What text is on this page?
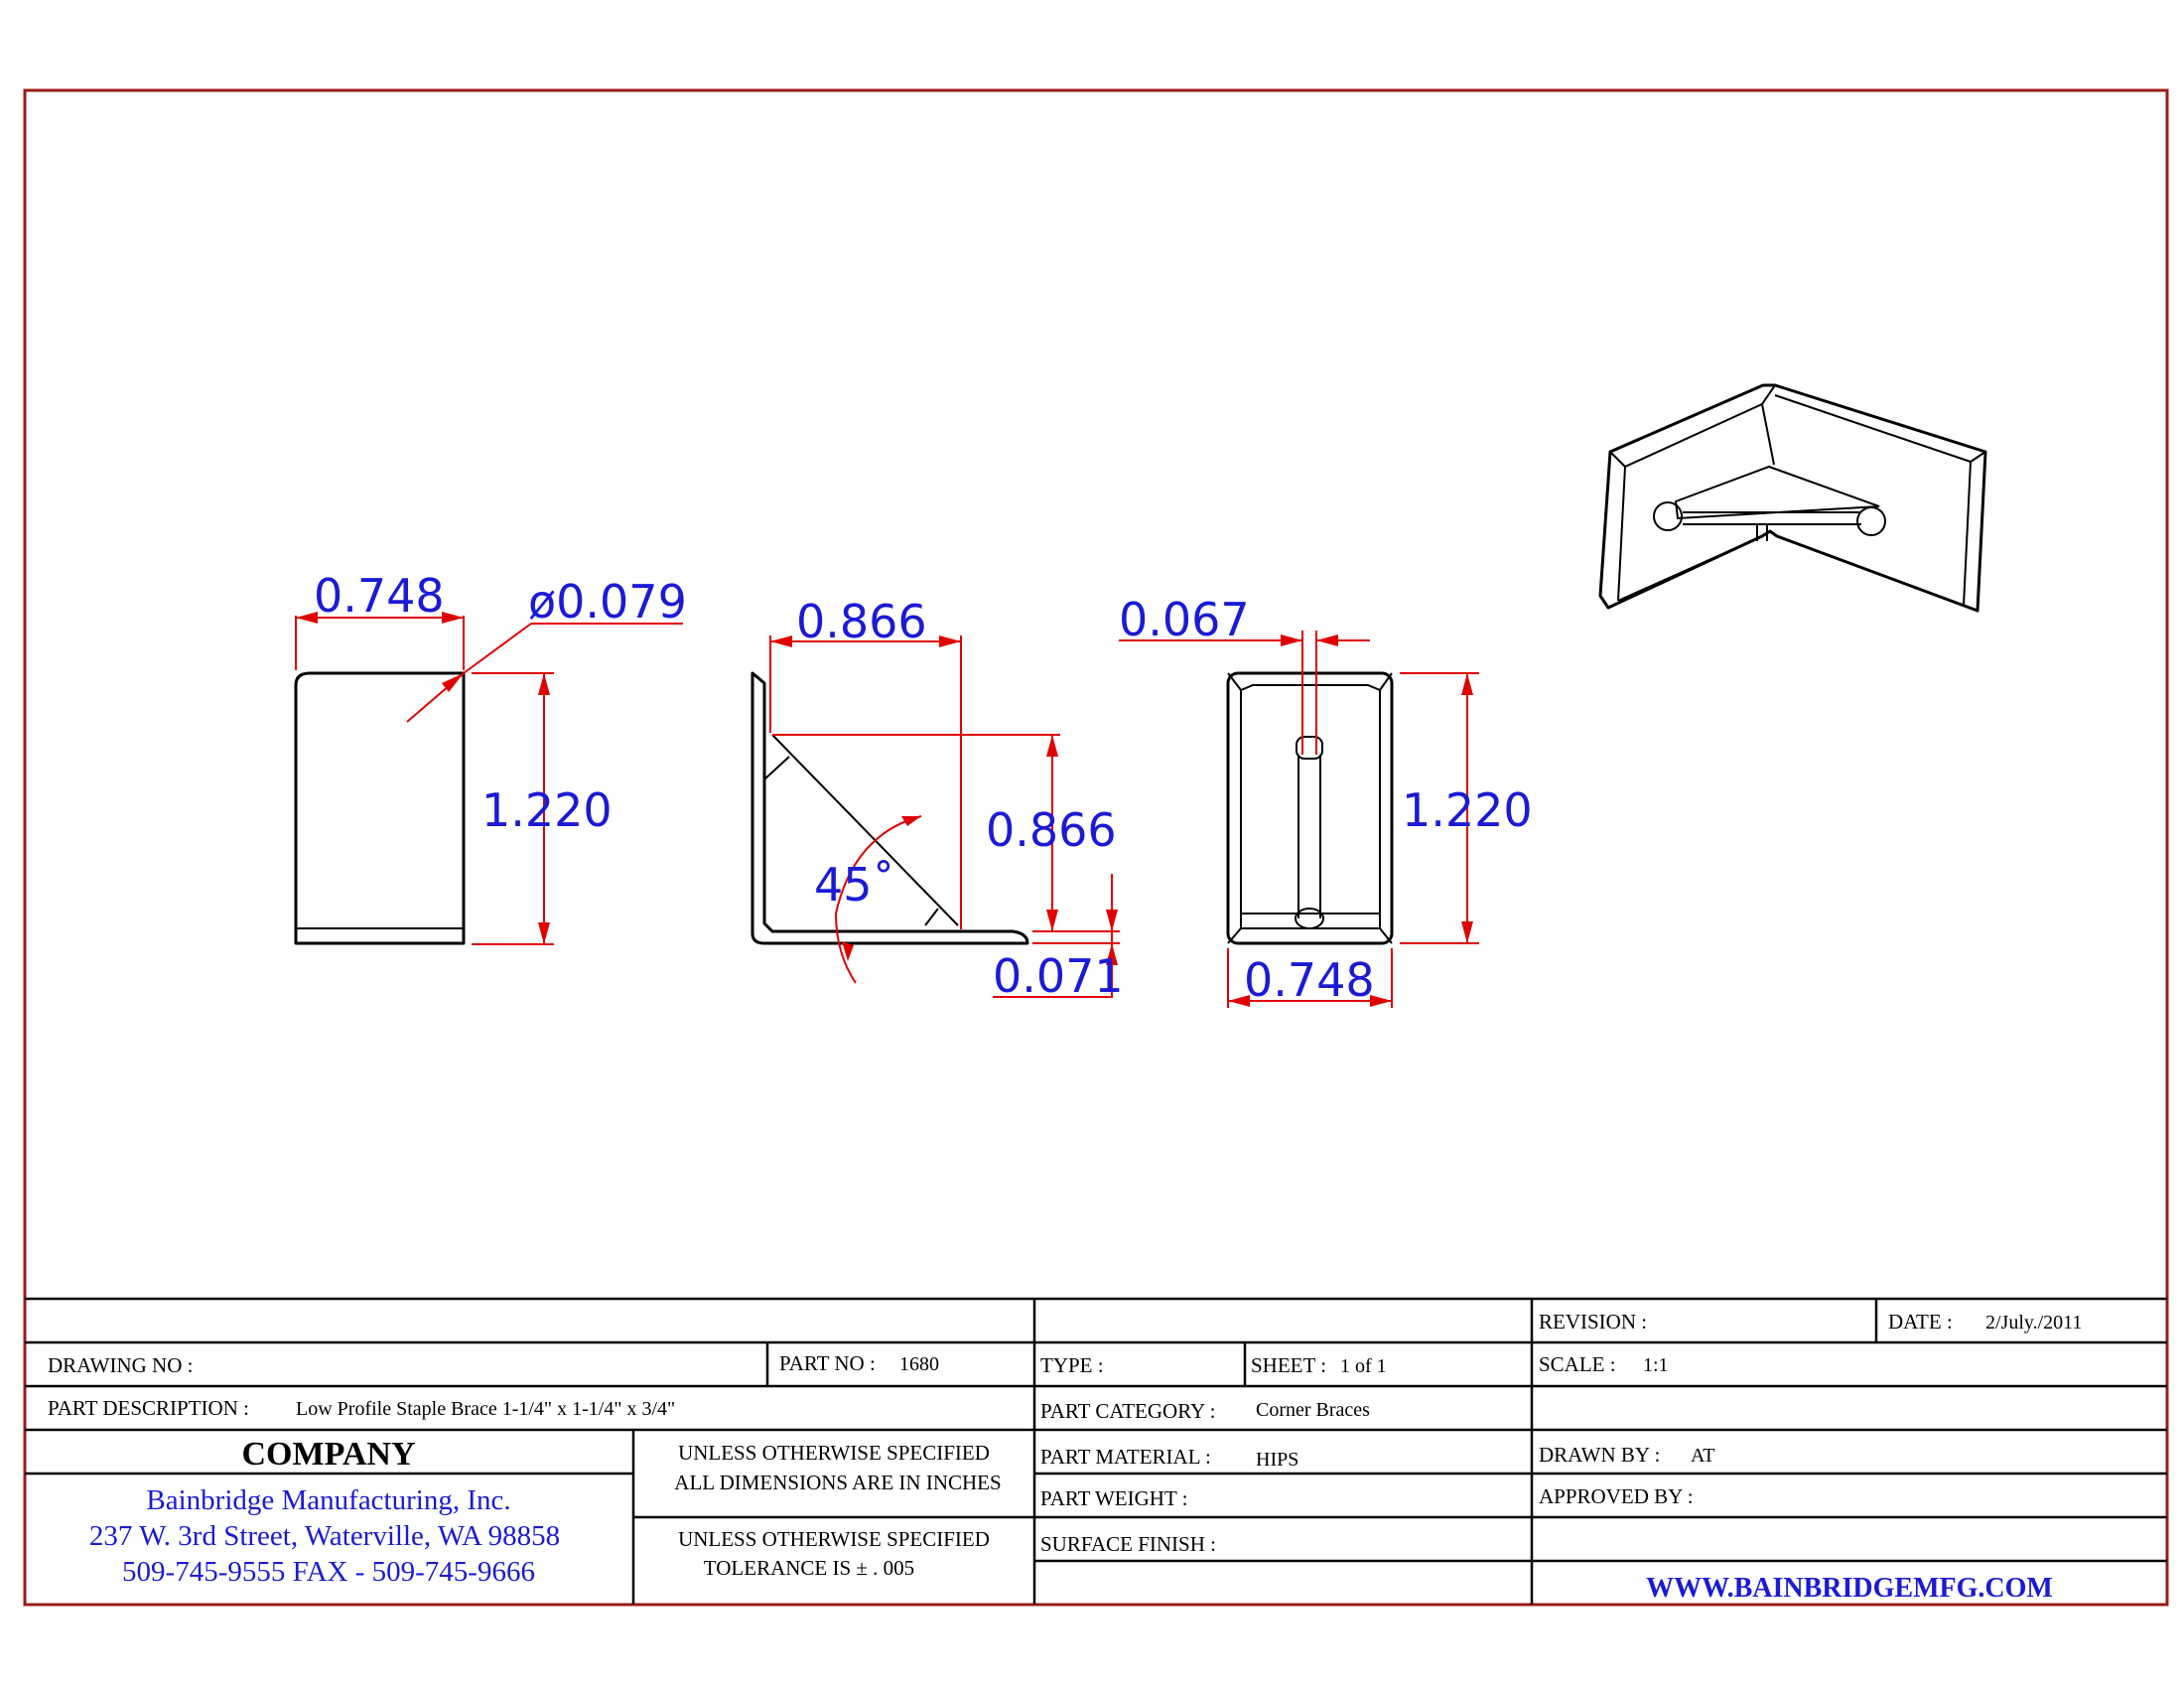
0.748 ø0.079
1.220
0.866
0.866
0.071
45˚
0.067
1.220
0.748
REVISION :	DATE : 2/July./2011
DRAWING NO :	PART NO : 1680	TYPE :	SHEET : 1 of 1	SCALE : 1:1
PART DESCRIPTION : Low Profile Staple Brace 1-1/4" x 1-1/4" x 3/4"	PART CATEGORY : Corner Braces
COMPANY
Bainbridge Manufacturing, Inc.
237 W. 3rd Street, Waterville, WA 98858
509-745-9555 FAX - 509-745-9666
UNLESS OTHERWISE SPECIFIED
ALL DIMENSIONS ARE IN INCHES
UNLESS OTHERWISE SPECIFIED
TOLERANCE IS ± . 005
PART MATERIAL : HIPS
PART WEIGHT :
SURFACE FINISH :
DRAWN BY : AT
APPROVED BY :
WWW.BAINBRIDGEMFG.COM
